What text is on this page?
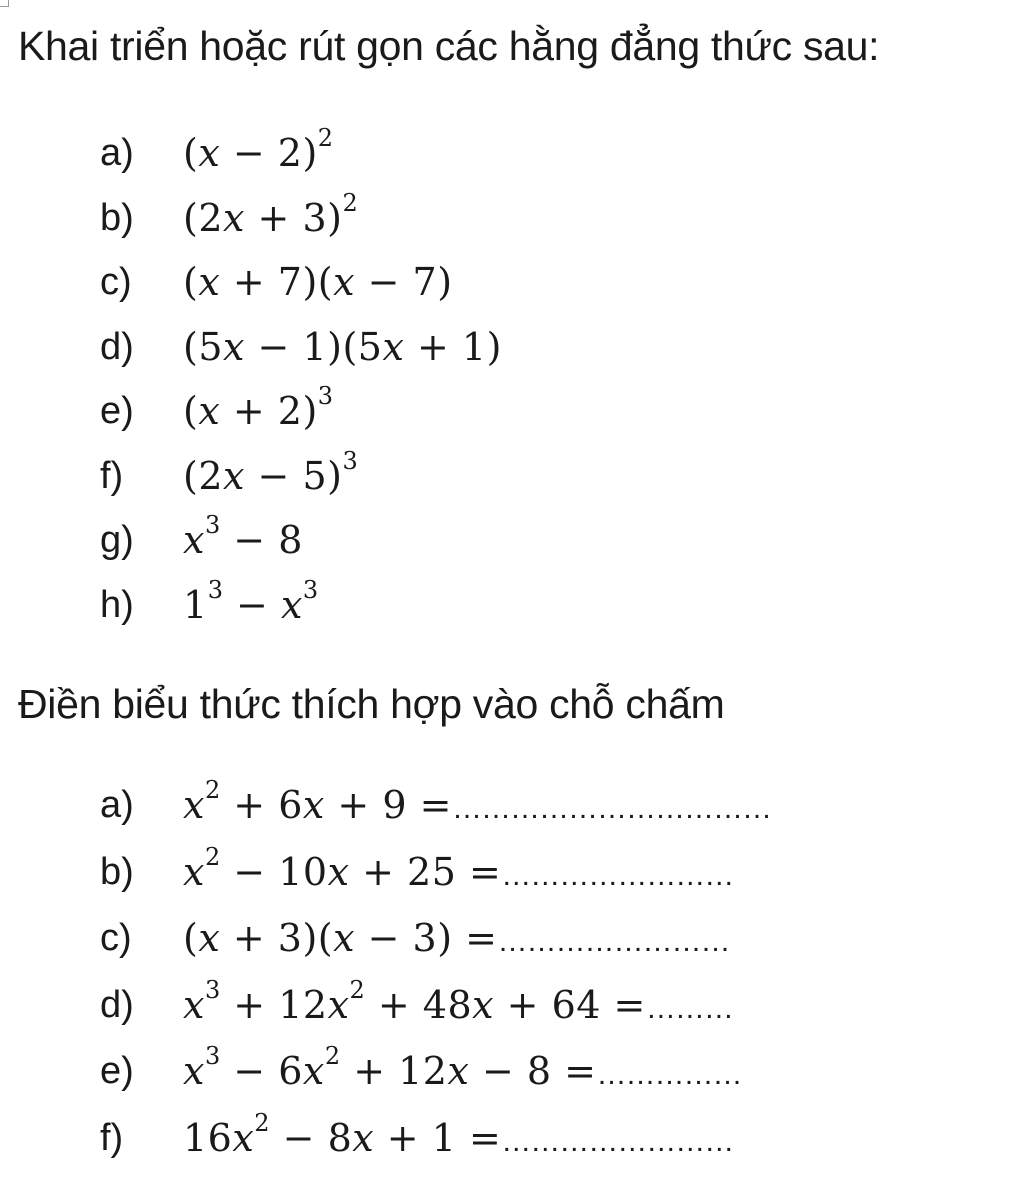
Khai triển hoặc rút gọn các hằng đẳng thức sau:
a) $(x - 2)^2$
b) $(2x + 3)^2$
c) (x + 7)(x − 7)
d) (5x − 1)(5x + 1)
e) $(x + 2)^3$
f) $(2x - 5)^3$
g) $x^3 - 8$
h) $1^3 - x^3$
Điền biểu thức thích hợp vào chỗ chấm
a) $x^2 + 6x + 9$ =……………………………
b) $x^2 - 10x + 25$ =……………………
c) (x + 3)(x − 3) =……………………
d) $x^3 + 12x^2 + 48x + 64$ =………
e) $x^3 - 6x^2 + 12x - 8$ =……………
f) $16x^2 - 8x + 1$ =……………………
